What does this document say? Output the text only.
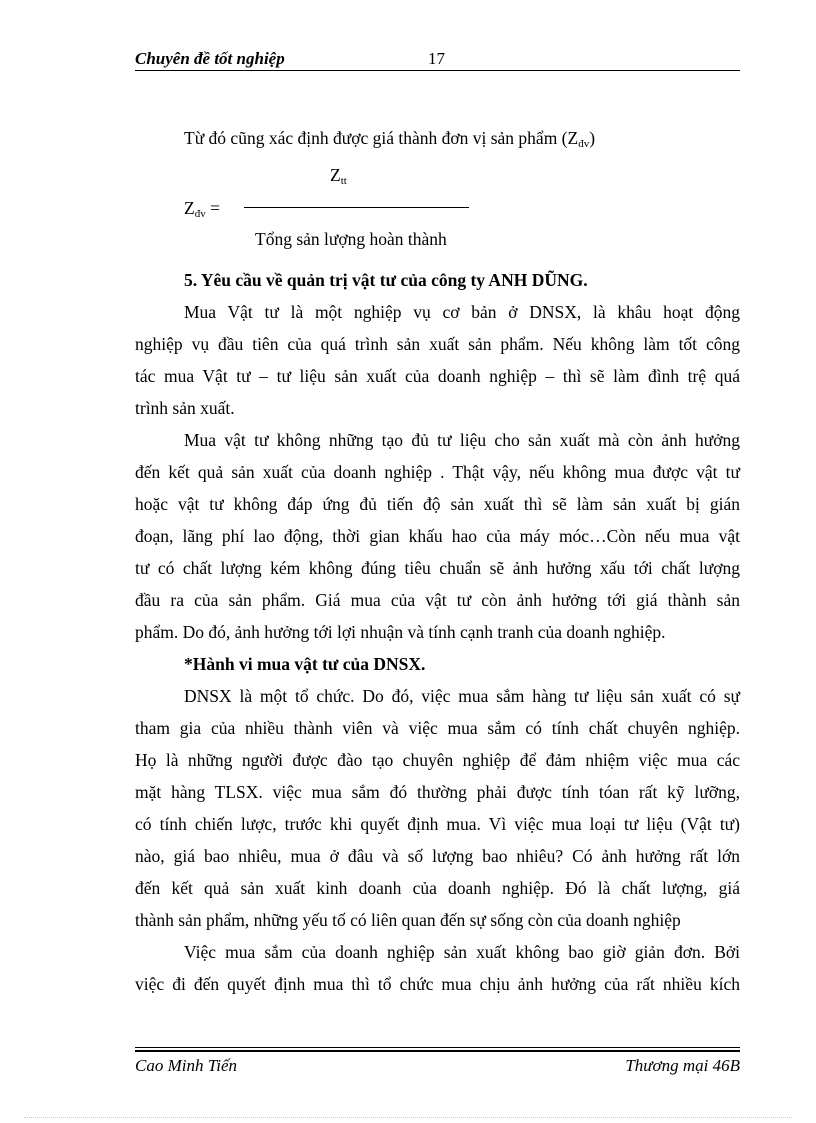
Chuyên đề tốt nghiệp	17
Từ đó cũng xác định được giá thành đơn vị sản phẩm $(Z_{đv})$
$Z_{tt}$
$Z_{đv}$ =
Tổng sản lượng hoàn thành
5. Yêu cầu về quản trị vật tư của công ty ANH DŨNG.
Mua Vật tư là một nghiệp vụ cơ bản ở DNSX, là khâu hoạt động
nghiệp vụ đầu tiên của quá trình sản xuất sản phẩm. Nếu không làm tốt công
tác mua Vật tư – tư liệu sản xuất của doanh nghiệp – thì sẽ làm đình trệ quá
trình sản xuất.
Mua vật tư không những tạo đủ tư liệu cho sản xuất mà còn ảnh hưởng
đến kết quả sản xuất của doanh nghiệp . Thật vậy, nếu không mua được vật tư
hoặc vật tư không đáp ứng đủ tiến độ sản xuất thì sẽ làm sản xuất bị gián
đoạn, lãng phí lao động, thời gian khấu hao của máy móc…Còn nếu mua vật
tư có chất lượng kém không đúng tiêu chuẩn sẽ ảnh hưởng xấu tới chất lượng
đầu ra của sản phẩm. Giá mua của vật tư còn ảnh hưởng tới giá thành sản
phẩm. Do đó, ảnh hưởng tới lợi nhuận và tính cạnh tranh của doanh nghiệp.
*Hành vi mua vật tư của DNSX.
DNSX là một tổ chức. Do đó, việc mua sắm hàng tư liệu sản xuất có sự
tham gia của nhiều thành viên và việc mua sắm có tính chất chuyên nghiệp.
Họ là những người được đào tạo chuyên nghiệp để đảm nhiệm việc mua các
mặt hàng TLSX. việc mua sắm đó thường phải được tính tóan rất kỹ lưỡng,
có tính chiến lược, trước khi quyết định mua. Vì việc mua loại tư liệu (Vật tư)
nào, giá bao nhiêu, mua ở đâu và số lượng bao nhiêu? Có ảnh hưởng rất lớn
đến kết quả sản xuất kinh doanh của doanh nghiệp. Đó là chất lượng, giá
thành sản phẩm, những yếu tố có liên quan đến sự sống còn của doanh nghiệp
Việc mua sắm của doanh nghiệp sản xuất không bao giờ giản đơn. Bởi
việc đi đến quyết định mua thì tổ chức mua chịu ảnh hưởng của rất nhiều kích
Cao Minh Tiến	Thương mại 46B
